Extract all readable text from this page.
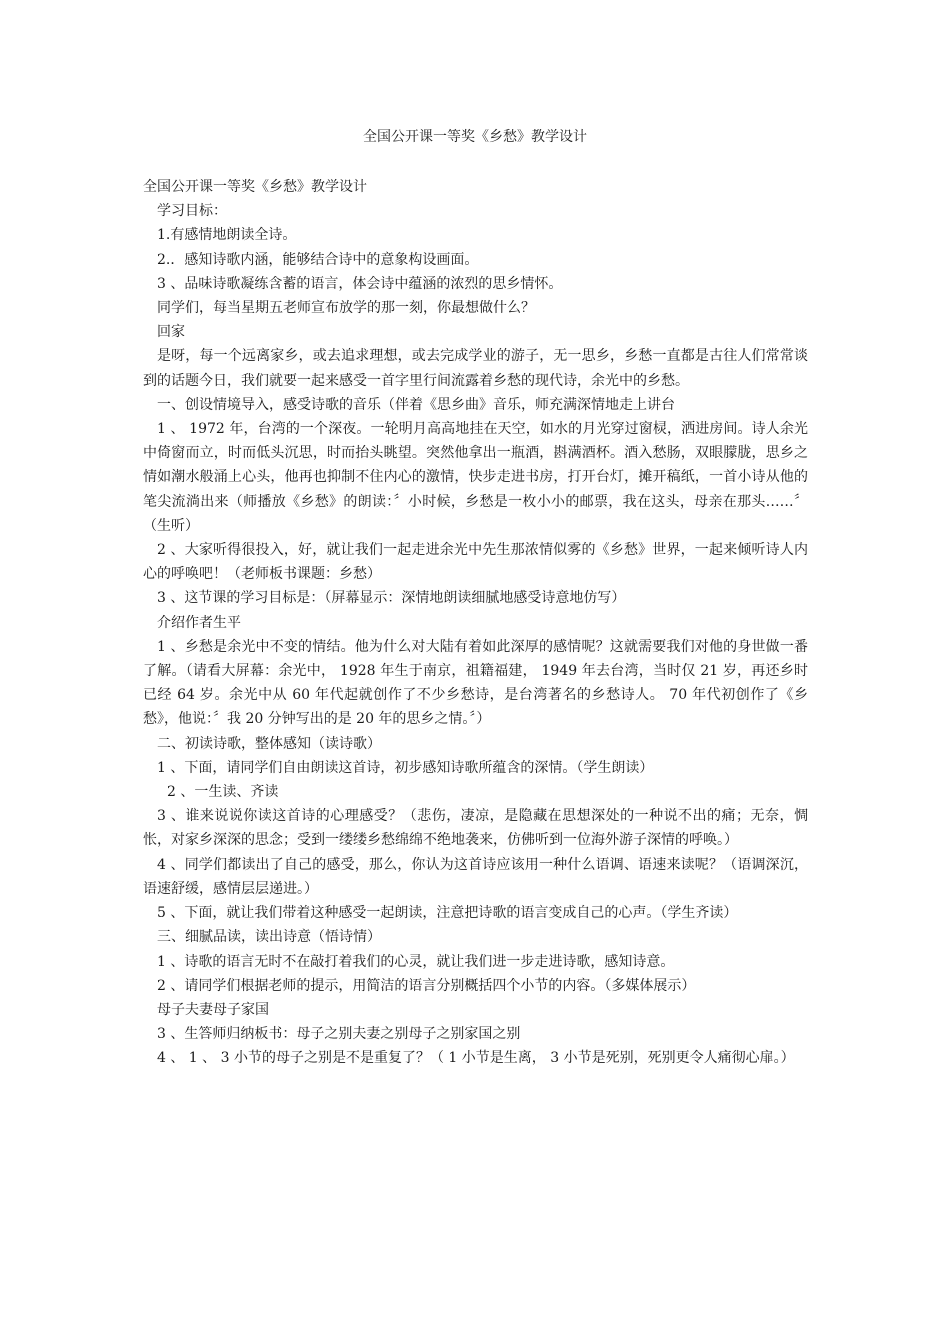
全国公开课一等奖《乡愁》教学设计

全国公开课一等奖《乡愁》教学设计

学习目标：

1.有感情地朗读全诗。

2.．感知诗歌内涵，能够结合诗中的意象构设画面。

3 、品味诗歌凝练含蓄的语言，体会诗中蕴涵的浓烈的思乡情怀。

同学们，每当星期五老师宣布放学的那一刻，你最想做什么？

回家

是呀，每一个远离家乡，或去追求理想，或去完成学业的游子，无一思乡，乡愁一直都是古往人们常常谈到的话题今日，我们就要一起来感受一首字里行间流露着乡愁的现代诗，余光中的乡愁。

一、创设情境导入，感受诗歌的音乐（伴着《思乡曲》音乐，师充满深情地走上讲台

1 、 1972 年，台湾的一个深夜。一轮明月高高地挂在天空，如水的月光穿过窗棂，洒进房间。诗人余光中倚窗而立，时而低头沉思，时而抬头眺望。突然他拿出一瓶酒，斟满酒杯。酒入愁肠，双眼朦胧，思乡之情如潮水般涌上心头，他再也抑制不住内心的激情，快步走进书房，打开台灯，摊开稿纸，一首小诗从他的笔尖流淌出来（师播放《乡愁》的朗读：〞小时候，乡愁是一枚小小的邮票，我在这头，母亲在那头……〞（生听）

2 、大家听得很投入，好，就让我们一起走进余光中先生那浓情似雾的《乡愁》世界，一起来倾听诗人内心的呼唤吧！（老师板书课题：乡愁）

3 、这节课的学习目标是：（屏幕显示：深情地朗读细腻地感受诗意地仿写）

介绍作者生平

1 、乡愁是余光中不变的情结。他为什么对大陆有着如此深厚的感情呢？这就需要我们对他的身世做一番了解。（请看大屏幕：余光中， 1928 年生于南京，祖籍福建， 1949 年去台湾，当时仅 21 岁，再还乡时已经 64 岁。余光中从 60 年代起就创作了不少乡愁诗，是台湾著名的乡愁诗人。 70 年代初创作了《乡愁》，他说：〞我 20 分钟写出的是 20 年的思乡之情。〞）

二、初读诗歌，整体感知（读诗歌）

1 、下面，请同学们自由朗读这首诗，初步感知诗歌所蕴含的深情。（学生朗读）

2 、一生读、齐读

3 、谁来说说你读这首诗的心理感受？（悲伤，凄凉，是隐藏在思想深处的一种说不出的痛；无奈，惆怅，对家乡深深的思念；受到一缕缕乡愁绵绵不绝地袭来，仿佛听到一位海外游子深情的呼唤。）

4 、同学们都读出了自己的感受，那么，你认为这首诗应该用一种什么语调、语速来读呢？（语调深沉，语速舒缓，感情层层递进。）

5 、下面，就让我们带着这种感受一起朗读，注意把诗歌的语言变成自己的心声。（学生齐读）

三、细腻品读，读出诗意（悟诗情）

1 、诗歌的语言无时不在敲打着我们的心灵，就让我们进一步走进诗歌，感知诗意。

2 、请同学们根据老师的提示，用简洁的语言分别概括四个小节的内容。（多媒体展示）

母子夫妻母子家国

3 、生答师归纳板书：母子之别夫妻之别母子之别家国之别

4 、 1 、 3 小节的母子之别是不是重复了？（ 1 小节是生离， 3 小节是死别，死别更令人痛彻心扉。）
